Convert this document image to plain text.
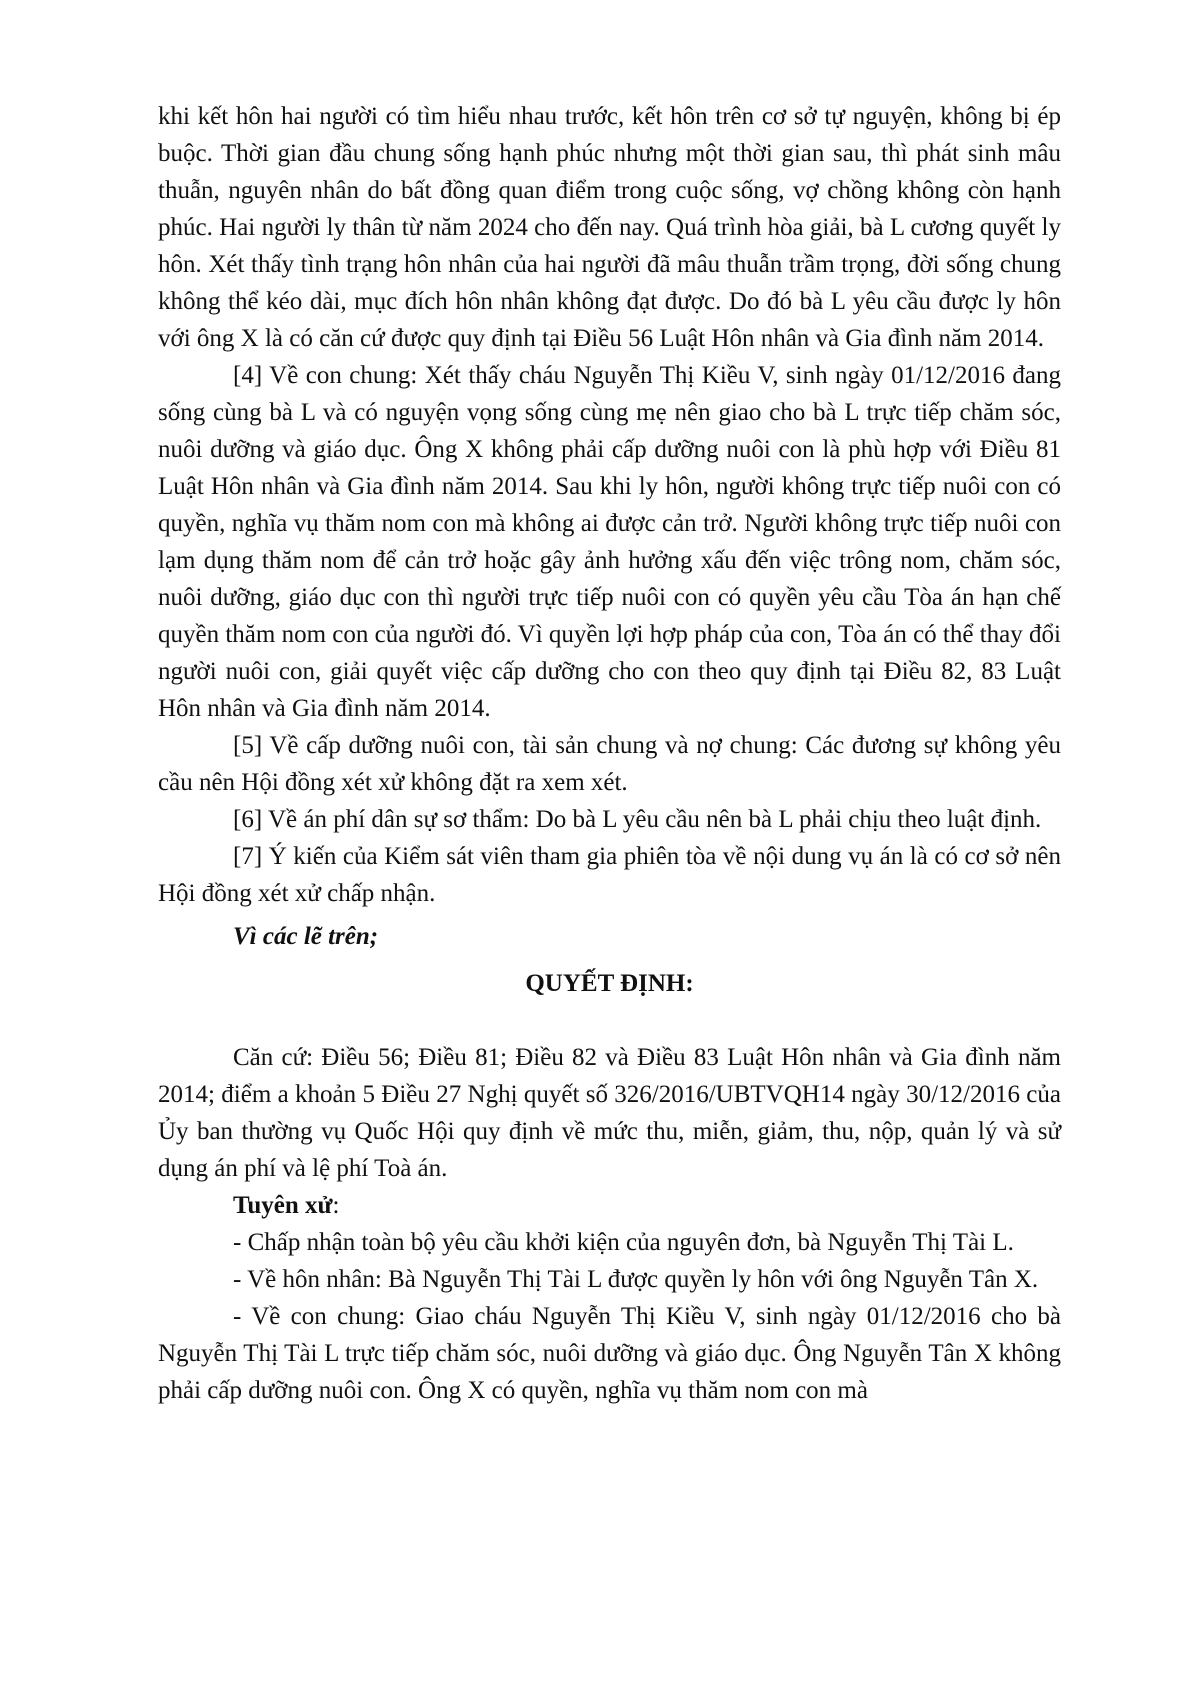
khi kết hôn hai người có tìm hiểu nhau trước, kết hôn trên cơ sở tự nguyện, không bị ép buộc. Thời gian đầu chung sống hạnh phúc nhưng một thời gian sau, thì phát sinh mâu thuẫn, nguyên nhân do bất đồng quan điểm trong cuộc sống, vợ chồng không còn hạnh phúc. Hai người ly thân từ năm 2024 cho đến nay. Quá trình hòa giải, bà L cương quyết ly hôn. Xét thấy tình trạng hôn nhân của hai người đã mâu thuẫn trầm trọng, đời sống chung không thể kéo dài, mục đích hôn nhân không đạt được. Do đó bà L yêu cầu được ly hôn với ông X là có căn cứ được quy định tại Điều 56 Luật Hôn nhân và Gia đình năm 2014.

[4] Về con chung: Xét thấy cháu Nguyễn Thị Kiều V, sinh ngày 01/12/2016 đang sống cùng bà L và có nguyện vọng sống cùng mẹ nên giao cho bà L trực tiếp chăm sóc, nuôi dưỡng và giáo dục. Ông X không phải cấp dưỡng nuôi con là phù hợp với Điều 81 Luật Hôn nhân và Gia đình năm 2014. Sau khi ly hôn, người không trực tiếp nuôi con có quyền, nghĩa vụ thăm nom con mà không ai được cản trở. Người không trực tiếp nuôi con lạm dụng thăm nom để cản trở hoặc gây ảnh hưởng xấu đến việc trông nom, chăm sóc, nuôi dưỡng, giáo dục con thì người trực tiếp nuôi con có quyền yêu cầu Tòa án hạn chế quyền thăm nom con của người đó. Vì quyền lợi hợp pháp của con, Tòa án có thể thay đổi người nuôi con, giải quyết việc cấp dưỡng cho con theo quy định tại Điều 82, 83 Luật Hôn nhân và Gia đình năm 2014.

[5] Về cấp dưỡng nuôi con, tài sản chung và nợ chung: Các đương sự không yêu cầu nên Hội đồng xét xử không đặt ra xem xét.

[6] Về án phí dân sự sơ thẩm: Do bà L yêu cầu nên bà L phải chịu theo luật định.

[7] Ý kiến của Kiểm sát viên tham gia phiên tòa về nội dung vụ án là có cơ sở nên Hội đồng xét xử chấp nhận.

Vì các lẽ trên;

QUYẾT ĐỊNH:

Căn cứ: Điều 56; Điều 81; Điều 82 và Điều 83 Luật Hôn nhân và Gia đình năm 2014; điểm a khoản 5 Điều 27 Nghị quyết số 326/2016/UBTVQH14 ngày 30/12/2016 của Ủy ban thường vụ Quốc Hội quy định về mức thu, miễn, giảm, thu, nộp, quản lý và sử dụng án phí và lệ phí Toà án.

Tuyên xử:

- Chấp nhận toàn bộ yêu cầu khởi kiện của nguyên đơn, bà Nguyễn Thị Tài L.

- Về hôn nhân: Bà Nguyễn Thị Tài L được quyền ly hôn với ông Nguyễn Tân X.

- Về con chung: Giao cháu Nguyễn Thị Kiều V, sinh ngày 01/12/2016 cho bà Nguyễn Thị Tài L trực tiếp chăm sóc, nuôi dưỡng và giáo dục. Ông Nguyễn Tân X không phải cấp dưỡng nuôi con. Ông X có quyền, nghĩa vụ thăm nom con mà
